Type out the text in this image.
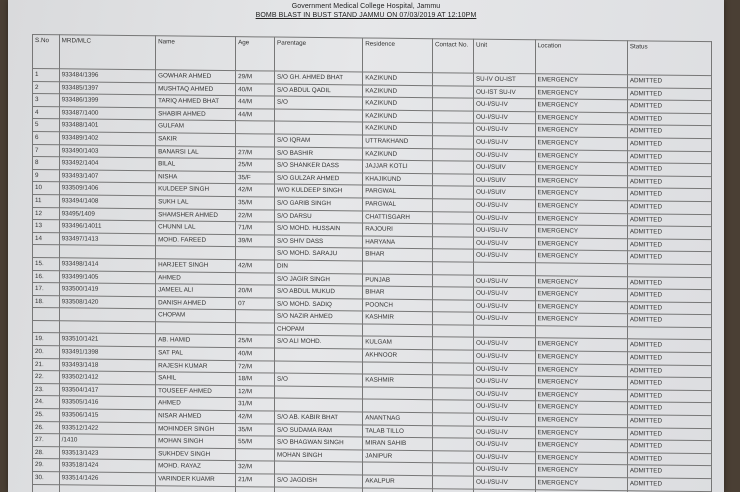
Government Medical College Hospital, Jammu
BOMB BLAST IN BUST STAND JAMMU ON 07/03/2019 AT 12:10PM
S.No	MRD/MLC	Name	Age	Parentage	Residence	Contact No.	Unit	Location	Status
1	933484/1396	GOWHAR AHMED	29/M	S/O GH. AHMED BHAT	KAZIKUND		SU-IV OU-IST	EMERGENCY	ADMITTED
2	933485/1397	MUSHTAQ AHMED	40/M	S/O ABDUL QADIL	KAZIKUND		OU-IST SU-IV	EMERGENCY	ADMITTED
3	933486/1399	TARIQ AHMED BHAT	44/M	S/O	KAZIKUND		OU-I/SU-IV	EMERGENCY	ADMITTED
4	933487/1400	SHABIR AHMED	44/M		KAZIKUND		OU-I/SU-IV	EMERGENCY	ADMITTED
5	933488/1401	GULFAM			KAZIKUND		OU-I/SU-IV	EMERGENCY	ADMITTED
6	933489/1402	SAKIR		S/O IQRAM	UTTRAKHAND		OU-I/SU-IV	EMERGENCY	ADMITTED
7	933490/1403	BANARSI LAL	27/M	S/O BASHIR	KAZIKUND		OU-I/SU-IV	EMERGENCY	ADMITTED
8	933492/1404	BILAL	25/M	S/O SHANKER DASS	JAJJAR KOTLI		OU-I/SUIV	EMERGENCY	ADMITTED
9	933493/1407	NISHA	35/F	S/O GULZAR AHMED	KHAJIKUND		OU-I/SUIV	EMERGENCY	ADMITTED
10	933509/1406	KULDEEP SINGH	42/M	W/O KULDEEP SINGH	PARGWAL		OU-I/SUIV	EMERGENCY	ADMITTED
11	933494/1408	SUKH LAL	35/M	S/O GARIB SINGH	PARGWAL		OU-I/SU-IV	EMERGENCY	ADMITTED
12	93495/1409	SHAMSHER AHMED	22/M	S/O DARSU	CHATTISGARH		OU-I/SU-IV	EMERGENCY	ADMITTED
13	933496/14011	CHUNNI LAL	71/M	S/O MOHD. HUSSAIN	RAJOURI		OU-I/SU-IV	EMERGENCY	ADMITTED
14	933497/1413	MOHD. FAREED	39/M	S/O SHIV DASS	HARYANA		OU-I/SU-IV	EMERGENCY	ADMITTED
				S/O MOHD. SARAJU	BIHAR		OU-I/SU-IV	EMERGENCY	ADMITTED
15.	933498/1414	HARJEET SINGH	42/M	DIN					
16.	933499/1405	AHMED		S/O JAGIR SINGH	PUNJAB		OU-I/SU-IV	EMERGENCY	ADMITTED
17.	933500/1419	JAMEEL ALI	20/M	S/O ABDUL MUKUD	BIHAR		OU-I/SU-IV	EMERGENCY	ADMITTED
18.	933508/1420	DANISH AHMED	07	S/O MOHD. SADIQ	POONCH		OU-I/SU-IV	EMERGENCY	ADMITTED
		CHOPAM		S/O NAZIR AHMED	KASHMIR		OU-I/SU-IV	EMERGENCY	ADMITTED
				CHOPAM					
19.	933510/1421	AB. HAMID	25/M	S/O ALI MOHD.	KULGAM		OU-I/SU-IV	EMERGENCY	ADMITTED
20.	933491/1398	SAT PAL	40/M		AKHNOOR		OU-I/SU-IV	EMERGENCY	ADMITTED
21.	933493/1418	RAJESH KUMAR	72/M				OU-I/SU-IV	EMERGENCY	ADMITTED
22.	933502/1412	SAHIL	18/M	S/O	KASHMIR		OU-I/SU-IV	EMERGENCY	ADMITTED
23.	933504/1417	TOUSEEF AHMED	12/M				OU-I/SU-IV	EMERGENCY	ADMITTED
24.	933505/1416	AHMED	31/M				OU-I/SU-IV	EMERGENCY	ADMITTED
25.	933506/1415	NISAR AHMED	42/M	S/O AB. KABIR BHAT	ANANTNAG		OU-I/SU-IV	EMERGENCY	ADMITTED
26.	933512/1422	MOHINDER SINGH	35/M	S/O SUDAMA RAM	TALAB TILLO		OU-I/SU-IV	EMERGENCY	ADMITTED
27.	/1410	MOHAN SINGH	55/M	S/O BHAGWAN SINGH	MIRAN SAHIB		OU-I/SU-IV	EMERGENCY	ADMITTED
28.	933513/1423	SUKHDEV SINGH		MOHAN SINGH	JANIPUR		OU-I/SU-IV	EMERGENCY	ADMITTED
29.	933518/1424	MOHD. RAYAZ	32/M				OU-I/SU-IV	EMERGENCY	ADMITTED
30.	933514/1426	VARINDER KUAMR	21/M	S/O JAGDISH	AKALPUR		OU-I/SU-IV	EMERGENCY	ADMITTED
